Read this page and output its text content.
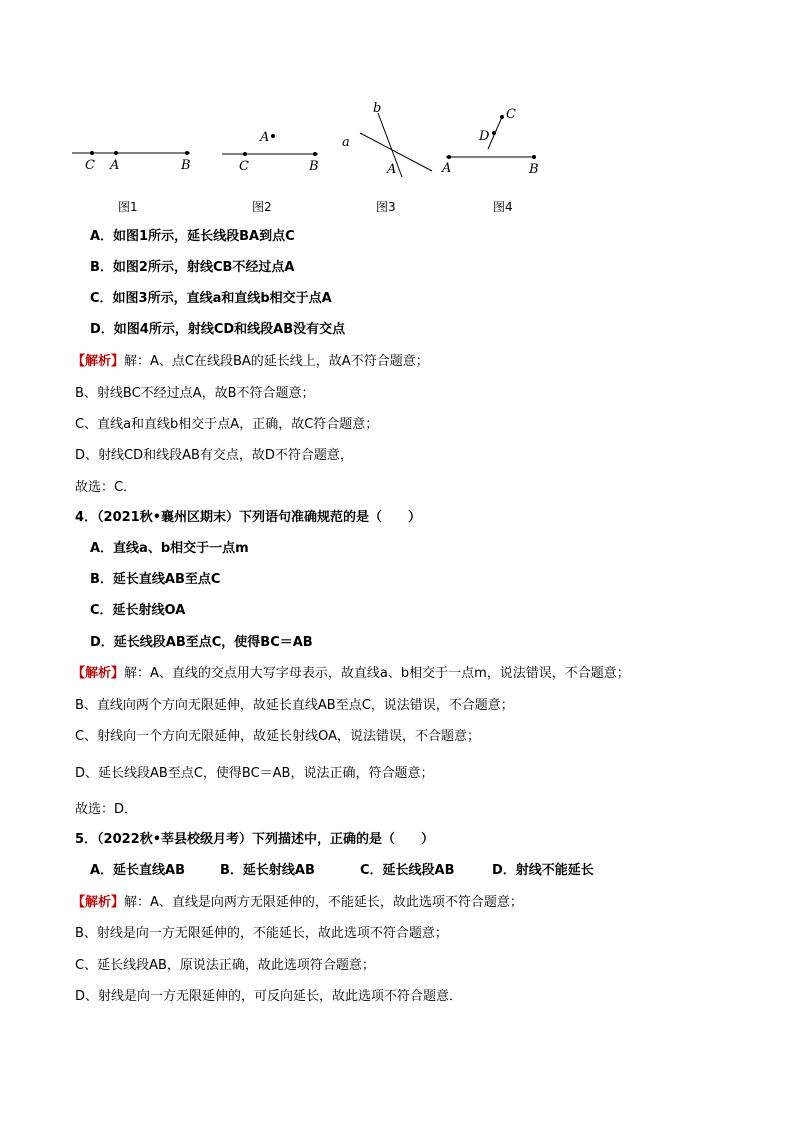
C A	B
图1
A
C	B
图2
b
a
A
图3
C
D
A	B
图4
A．如图1所示，延长线段BA到点C
B．如图2所示，射线CB不经过点A
C．如图3所示，直线a和直线b相交于点A
D．如图4所示，射线CD和线段AB没有交点
【解析】解：A、点C在线段BA的延长线上，故A不符合题意；
B、射线BC不经过点A，故B不符合题意；
C、直线a和直线b相交于点A，正确，故C符合题意；
D、射线CD和线段AB有交点，故D不符合题意，
故选：C．
4．（2021秋•襄州区期末）下列语句准确规范的是（　　）
A．直线a、b相交于一点m
B．延长直线AB至点C
C．延长射线OA
D．延长线段AB至点C，使得BC＝AB
【解析】解：A、直线的交点用大写字母表示，故直线a、b相交于一点m，说法错误，不合题意；
B、直线向两个方向无限延伸，故延长直线AB至点C，说法错误，不合题意；
C、射线向一个方向无限延伸，故延长射线OA，说法错误，不合题意；
D、延长线段AB至点C，使得BC＝AB，说法正确，符合题意；
故选：D．
5．（2022秋•莘县校级月考）下列描述中，正确的是（　　）
A．延长直线AB	B．延长射线AB	C．延长线段AB	D．射线不能延长
【解析】解：A、直线是向两方无限延伸的，不能延长，故此选项不符合题意；
B、射线是向一方无限延伸的，不能延长，故此选项不符合题意；
C、延长线段AB，原说法正确，故此选项符合题意；
D、射线是向一方无限延伸的，可反向延长，故此选项不符合题意．
